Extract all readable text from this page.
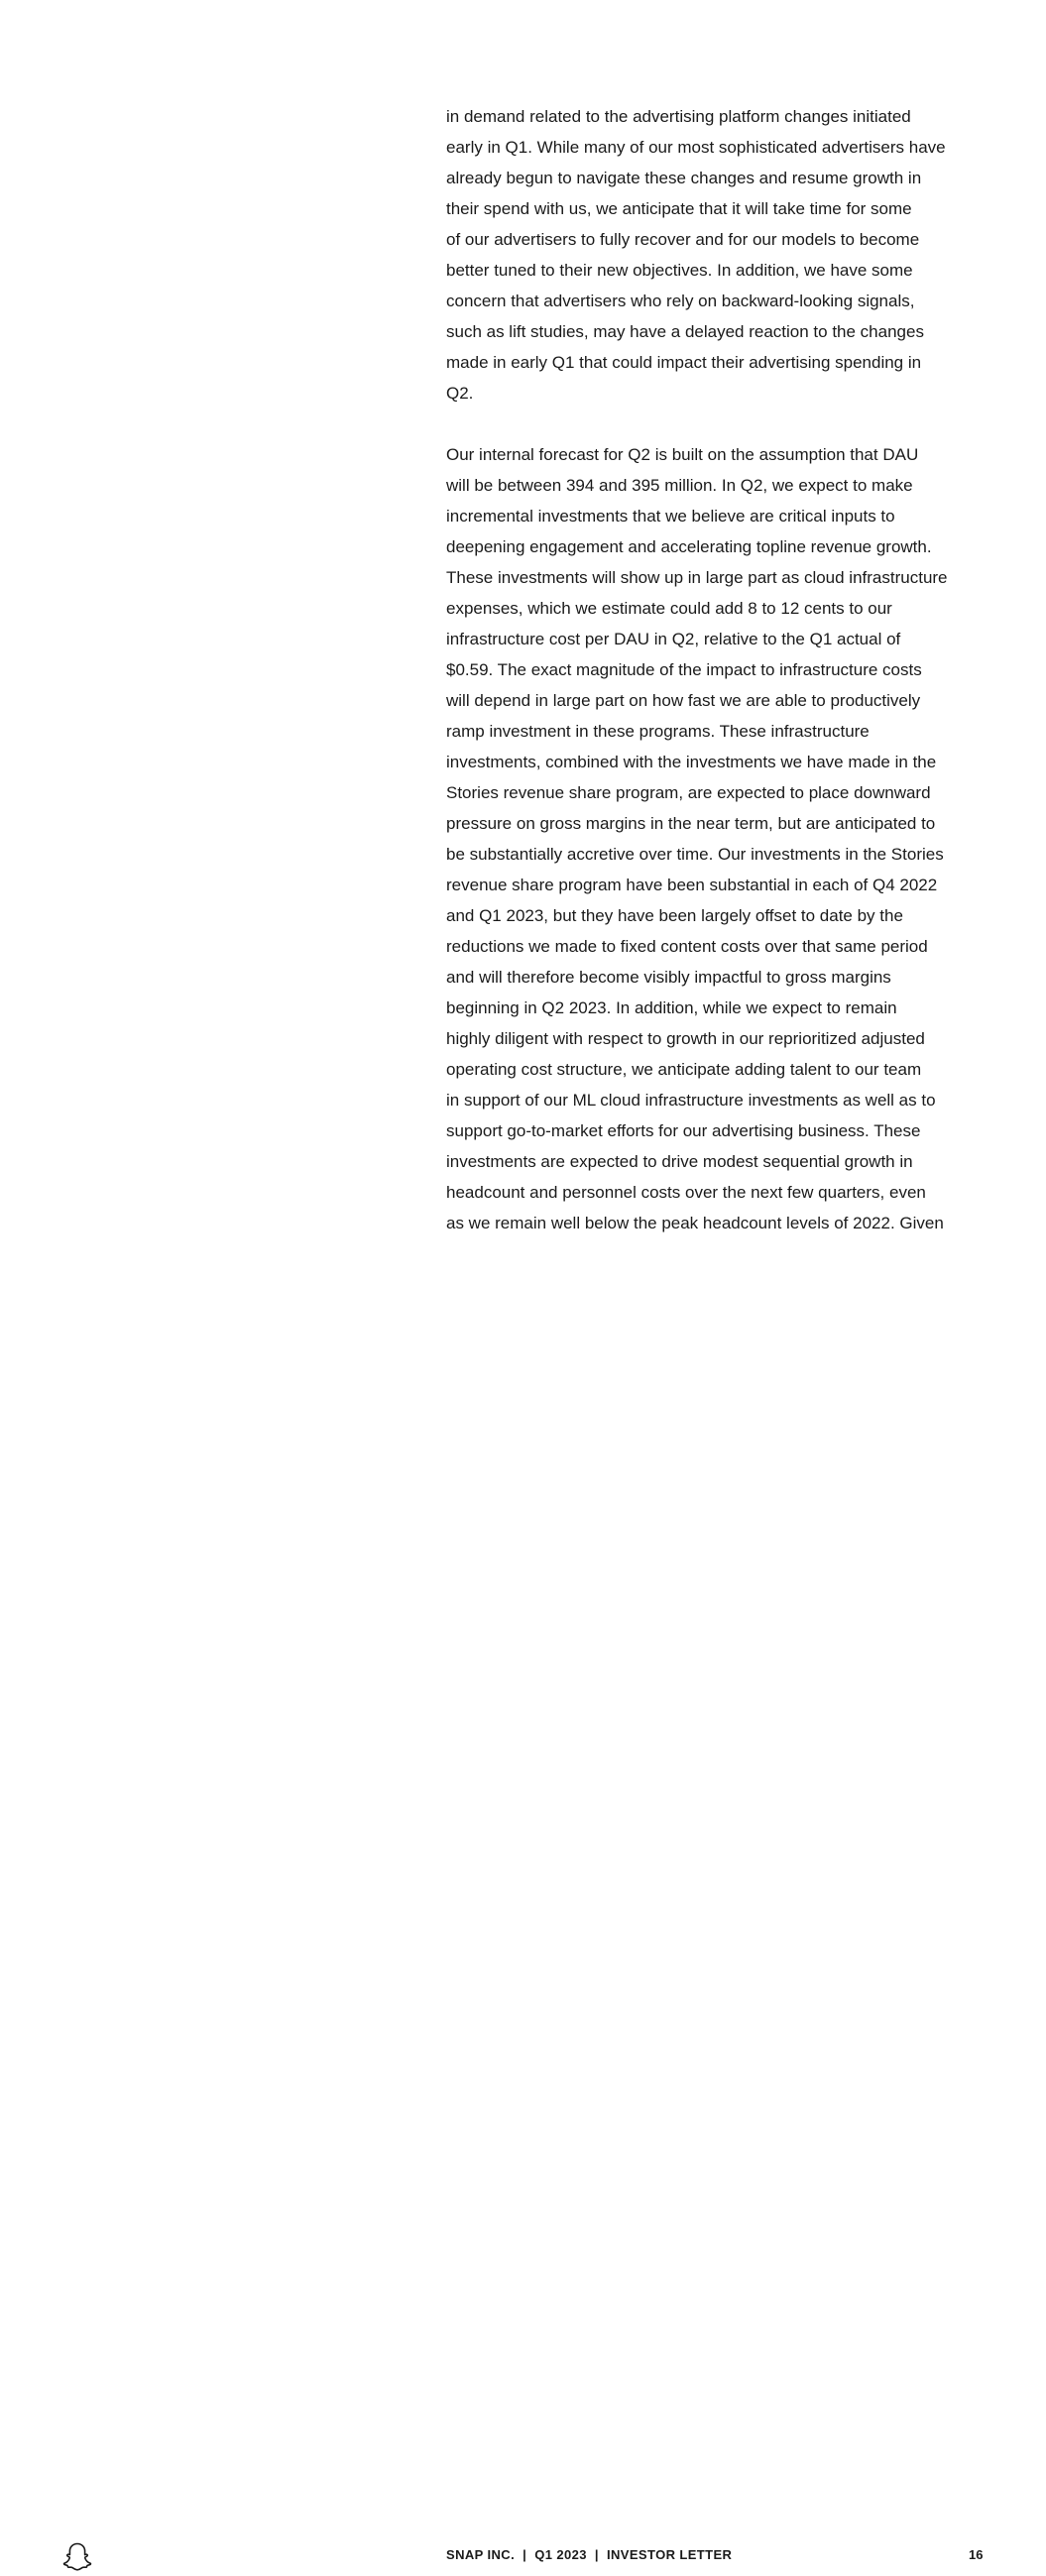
in demand related to the advertising platform changes initiated
early in Q1. While many of our most sophisticated advertisers have
already begun to navigate these changes and resume growth in
their spend with us, we anticipate that it will take time for some
of our advertisers to fully recover and for our models to become
better tuned to their new objectives. In addition, we have some
concern that advertisers who rely on backward-looking signals,
such as lift studies, may have a delayed reaction to the changes
made in early Q1 that could impact their advertising spending in
Q2.
Our internal forecast for Q2 is built on the assumption that DAU
will be between 394 and 395 million. In Q2, we expect to make
incremental investments that we believe are critical inputs to
deepening engagement and accelerating topline revenue growth.
These investments will show up in large part as cloud infrastructure
expenses, which we estimate could add 8 to 12 cents to our
infrastructure cost per DAU in Q2, relative to the Q1 actual of
$0.59. The exact magnitude of the impact to infrastructure costs
will depend in large part on how fast we are able to productively
ramp investment in these programs. These infrastructure
investments, combined with the investments we have made in the
Stories revenue share program, are expected to place downward
pressure on gross margins in the near term, but are anticipated to
be substantially accretive over time. Our investments in the Stories
revenue share program have been substantial in each of Q4 2022
and Q1 2023, but they have been largely offset to date by the
reductions we made to fixed content costs over that same period
and will therefore become visibly impactful to gross margins
beginning in Q2 2023. In addition, while we expect to remain
highly diligent with respect to growth in our reprioritized adjusted
operating cost structure, we anticipate adding talent to our team
in support of our ML cloud infrastructure investments as well as to
support go-to-market efforts for our advertising business. These
investments are expected to drive modest sequential growth in
headcount and personnel costs over the next few quarters, even
as we remain well below the peak headcount levels of 2022. Given
SNAP INC. | Q1 2023 | INVESTOR LETTER	16
